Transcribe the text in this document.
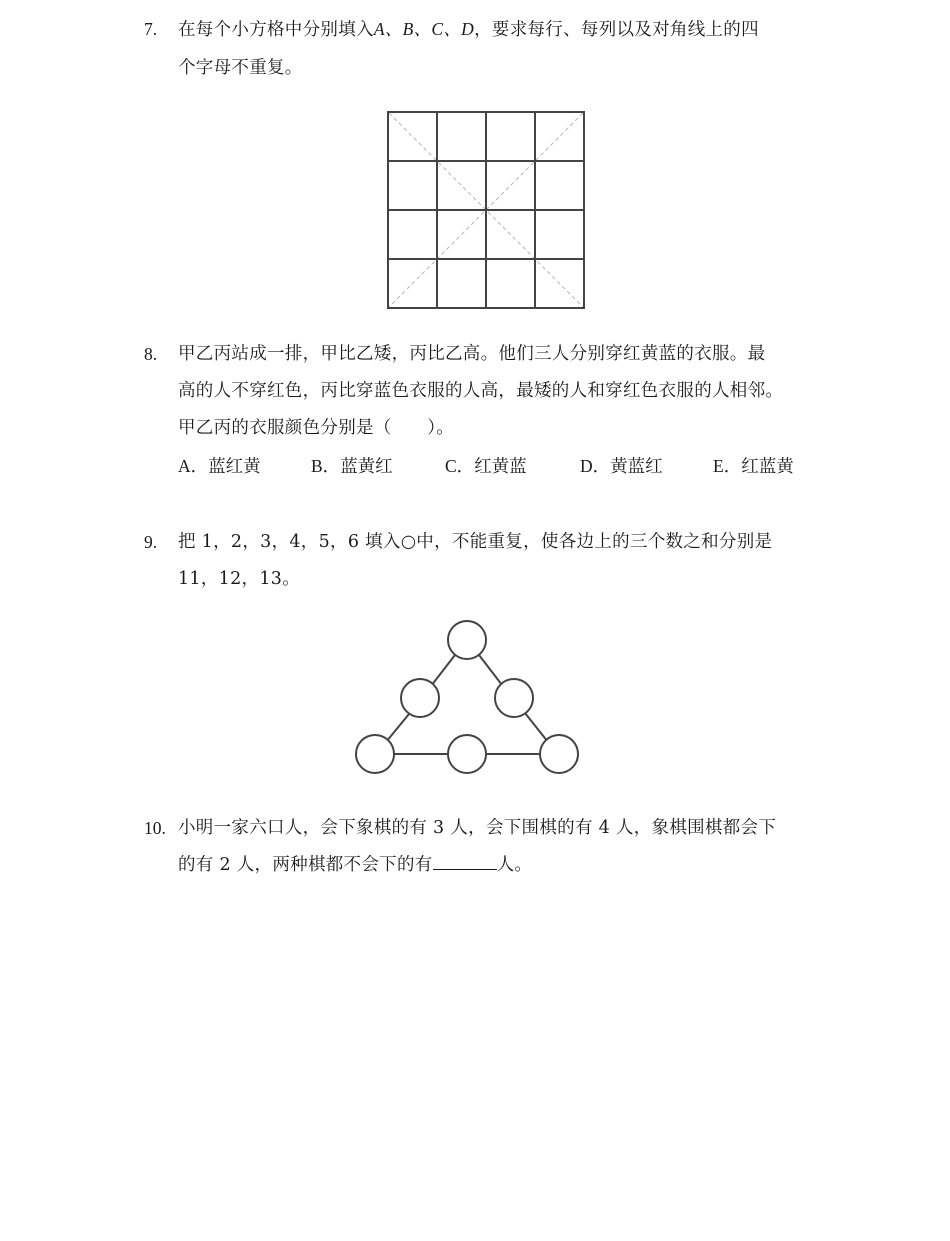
7. 在每个小方格中分别填入A、B、C、D，要求每行、每列以及对角线上的四
个字母不重复。
8. 甲乙丙站成一排，甲比乙矮，丙比乙高。他们三人分别穿红黄蓝的衣服。最
高的人不穿红色，丙比穿蓝色衣服的人高，最矮的人和穿红色衣服的人相邻。
甲乙丙的衣服颜色分别是（　　）。
A．蓝红黄	B．蓝黄红	C．红黄蓝	D．黄蓝红	E．红蓝黄
9. 把 1，2，3，4，5，6 填入○中，不能重复，使各边上的三个数之和分别是
11，12，13。
10. 小明一家六口人，会下象棋的有 3 人，会下围棋的有 4 人，象棋围棋都会下
的有 2 人，两种棋都不会下的有	人。
